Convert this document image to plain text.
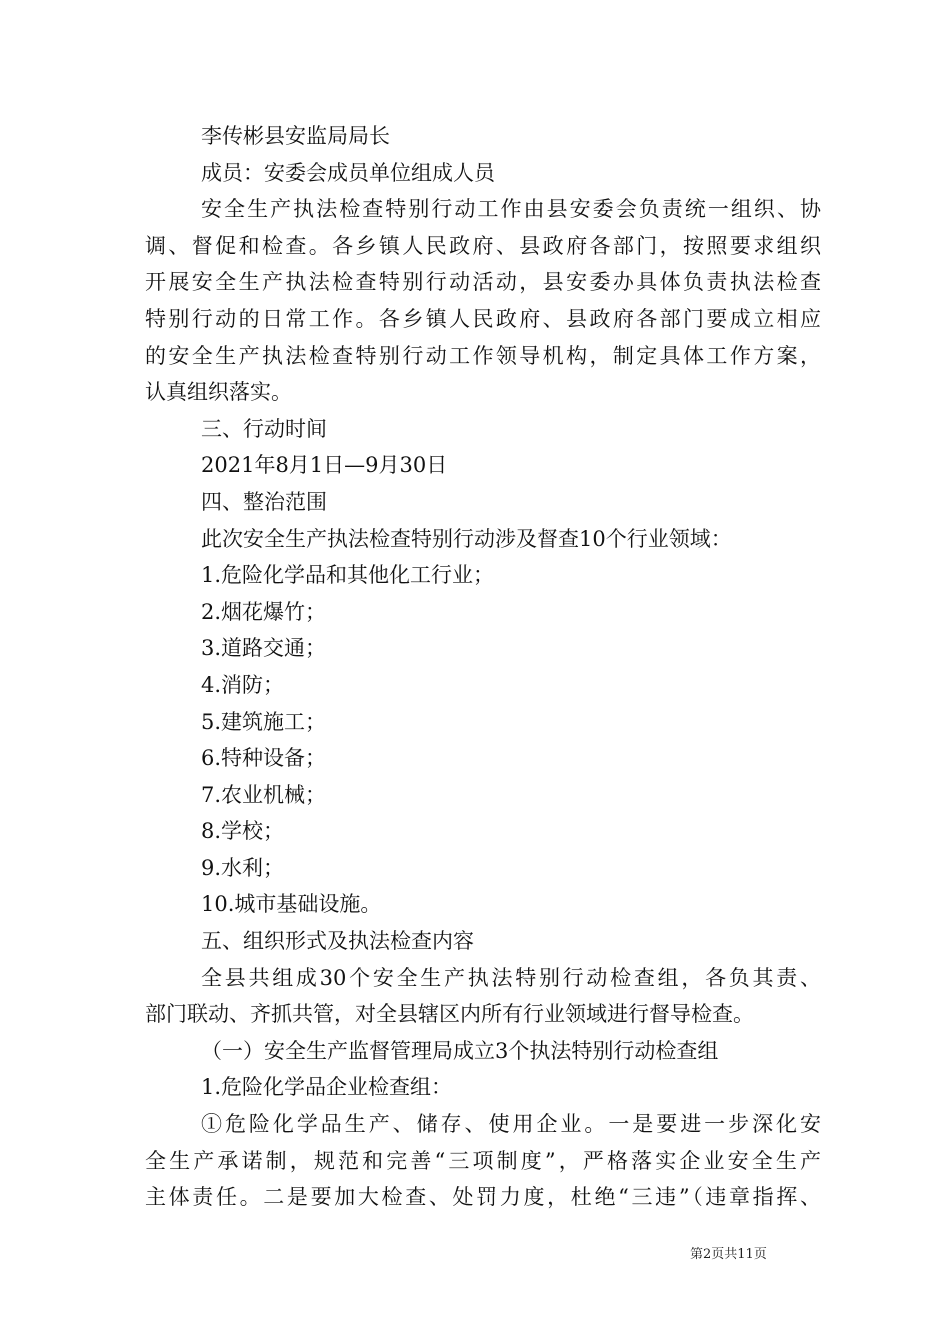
李传彬县安监局局长
成员：安委会成员单位组成人员
安全生产执法检查特别行动工作由县安委会负责统一组织、协
调、督促和检查。各乡镇人民政府、县政府各部门，按照要求组织
开展安全生产执法检查特别行动活动，县安委办具体负责执法检查
特别行动的日常工作。各乡镇人民政府、县政府各部门要成立相应
的安全生产执法检查特别行动工作领导机构，制定具体工作方案，
认真组织落实。
三、行动时间
2021年8月1日—9月30日
四、整治范围
此次安全生产执法检查特别行动涉及督查10个行业领域：
1.危险化学品和其他化工行业；
2.烟花爆竹；
3.道路交通；
4.消防；
5.建筑施工；
6.特种设备；
7.农业机械；
8.学校；
9.水利；
10.城市基础设施。
五、组织形式及执法检查内容
全县共组成30个安全生产执法特别行动检查组，各负其责、
部门联动、齐抓共管，对全县辖区内所有行业领域进行督导检查。
（一）安全生产监督管理局成立3个执法特别行动检查组
1.危险化学品企业检查组：
①危险化学品生产、储存、使用企业。一是要进一步深化安
全生产承诺制，规范和完善“三项制度”，严格落实企业安全生产
主体责任。二是要加大检查、处罚力度，杜绝“三违”（违章指挥、
第2页共11页
